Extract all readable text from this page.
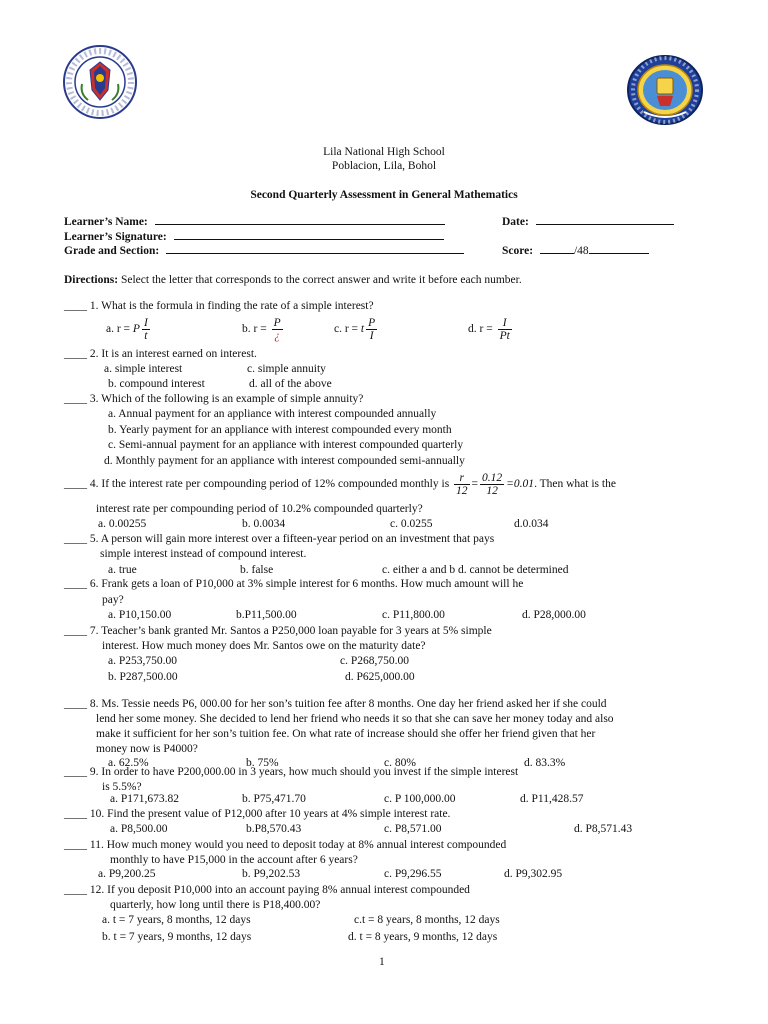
Lila National High School
Poblacion, Lila, Bohol
Second Quarterly Assessment in General Mathematics
Learner’s Name:
Learner’s Signature:
Grade and Section:
Date:
Score:	/48
Directions: Select the letter that corresponds to the correct answer and write it before each number.
____ 1. What is the formula in finding the rate of a simple interest?
a. r = P $\frac{I}{t}$	b. $r = \frac{P}{¿}$	c. r = t $\frac{P}{I}$	d. $r = \frac{I}{Pt}$
____ 2. It is an interest earned on interest.
a. simple interest	c. simple annuity
b. compound interest	d. all of the above
____ 3. Which of the following is an example of simple annuity?
a. Annual payment for an appliance with interest compounded annually
b. Yearly payment for an appliance with interest compounded every month
c. Semi-annual payment for an appliance with interest compounded quarterly
d. Monthly payment for an appliance with interest compounded semi-annually
____ 4. If the interest rate per compounding period of 12% compounded monthly is $\frac{r}{12} = \frac{0.12}{12} =0.01$. Then what is the
interest rate per compounding period of 10.2% compounded quarterly?
a. 0.00255	b. 0.0034	c. 0.0255	d.0.034
____ 5. A person will gain more interest over a fifteen-year period on an investment that pays
simple interest instead of compound interest.
a. true	b. false	c. either a and b d. cannot be determined
____ 6. Frank gets a loan of P10,000 at 3% simple interest for 6 months. How much amount will he
pay?
a. P10,150.00	b.P11,500.00	c. P11,800.00	d. P28,000.00
____ 7. Teacher’s bank granted Mr. Santos a P250,000 loan payable for 3 years at 5% simple
interest. How much money does Mr. Santos owe on the maturity date?
a. P253,750.00	c. P268,750.00
b. P287,500.00	d. P625,000.00
____ 8. Ms. Tessie needs P6, 000.00 for her son’s tuition fee after 8 months. One day her friend asked her if she could
lend her some money. She decided to lend her friend who needs it so that she can save her money today and also
make it sufficient for her son’s tuition fee. On what rate of increase should she offer her friend given that her
money now is P4000?
a. 62.5%	b. 75%	c. 80%	d. 83.3%
____ 9. In order to have P200,000.00 in 3 years, how much should you invest if the simple interest
is 5.5%?
a. P171,673.82	b. P75,471.70	c. P 100,000.00	d. P11,428.57
____ 10. Find the present value of P12,000 after 10 years at 4% simple interest rate.
a. P8,500.00	b.P8,570.43	c. P8,571.00	d. P8,571.43
____ 11. How much money would you need to deposit today at 8% annual interest compounded
monthly to have P15,000 in the account after 6 years?
a. P9,200.25	b. P9,202.53	c. P9,296.55	d. P9,302.95
____ 12. If you deposit P10,000 into an account paying 8% annual interest compounded
quarterly, how long until there is P18,400.00?
a. t = 7 years, 8 months, 12 days	c.t = 8 years, 8 months, 12 days
b. t = 7 years, 9 months, 12 days	d. t = 8 years, 9 months, 12 days
1
